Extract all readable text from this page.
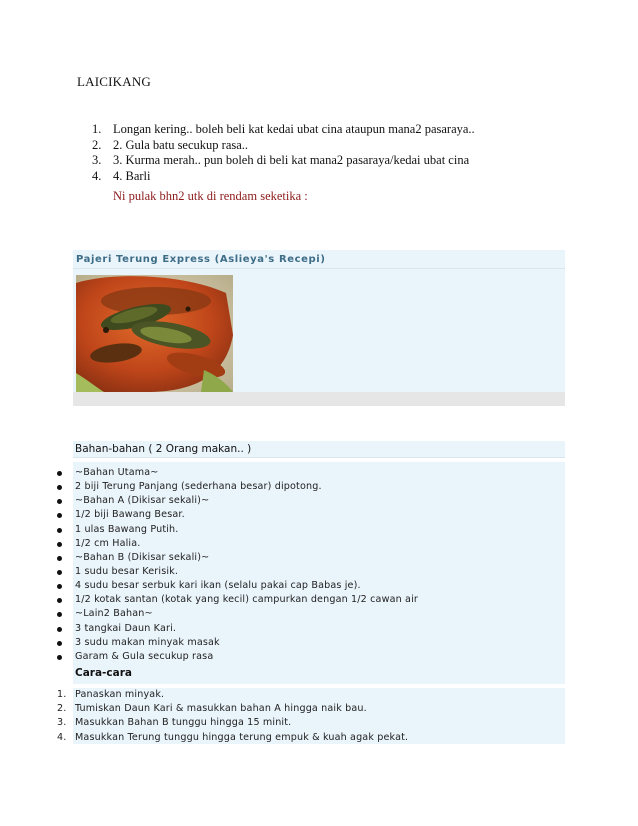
LAICIKANG
1. Longan kering.. boleh beli kat kedai ubat cina ataupun mana2 pasaraya..
2. 2. Gula batu secukup rasa..
3. 3. Kurma merah.. pun boleh di beli kat mana2 pasaraya/kedai ubat cina
4. 4. Barli
Ni pulak bhn2 utk di rendam seketika :
Pajeri Terung Express (Aslieya's Recepi)
Bahan-bahan ( 2 Orang makan.. )
~Bahan Utama~
2 biji Terung Panjang (sederhana besar) dipotong.
~Bahan A (Dikisar sekali)~
1/2 biji Bawang Besar.
1 ulas Bawang Putih.
1/2 cm Halia.
~Bahan B (Dikisar sekali)~
1 sudu besar Kerisik.
4 sudu besar serbuk kari ikan (selalu pakai cap Babas je).
1/2 kotak santan (kotak yang kecil) campurkan dengan 1/2 cawan air
~Lain2 Bahan~
3 tangkai Daun Kari.
3 sudu makan minyak masak
Garam & Gula secukup rasa
Cara-cara
1. Panaskan minyak.
2. Tumiskan Daun Kari & masukkan bahan A hingga naik bau.
3. Masukkan Bahan B tunggu hingga 15 minit.
4. Masukkan Terung tunggu hingga terung empuk & kuah agak pekat.
